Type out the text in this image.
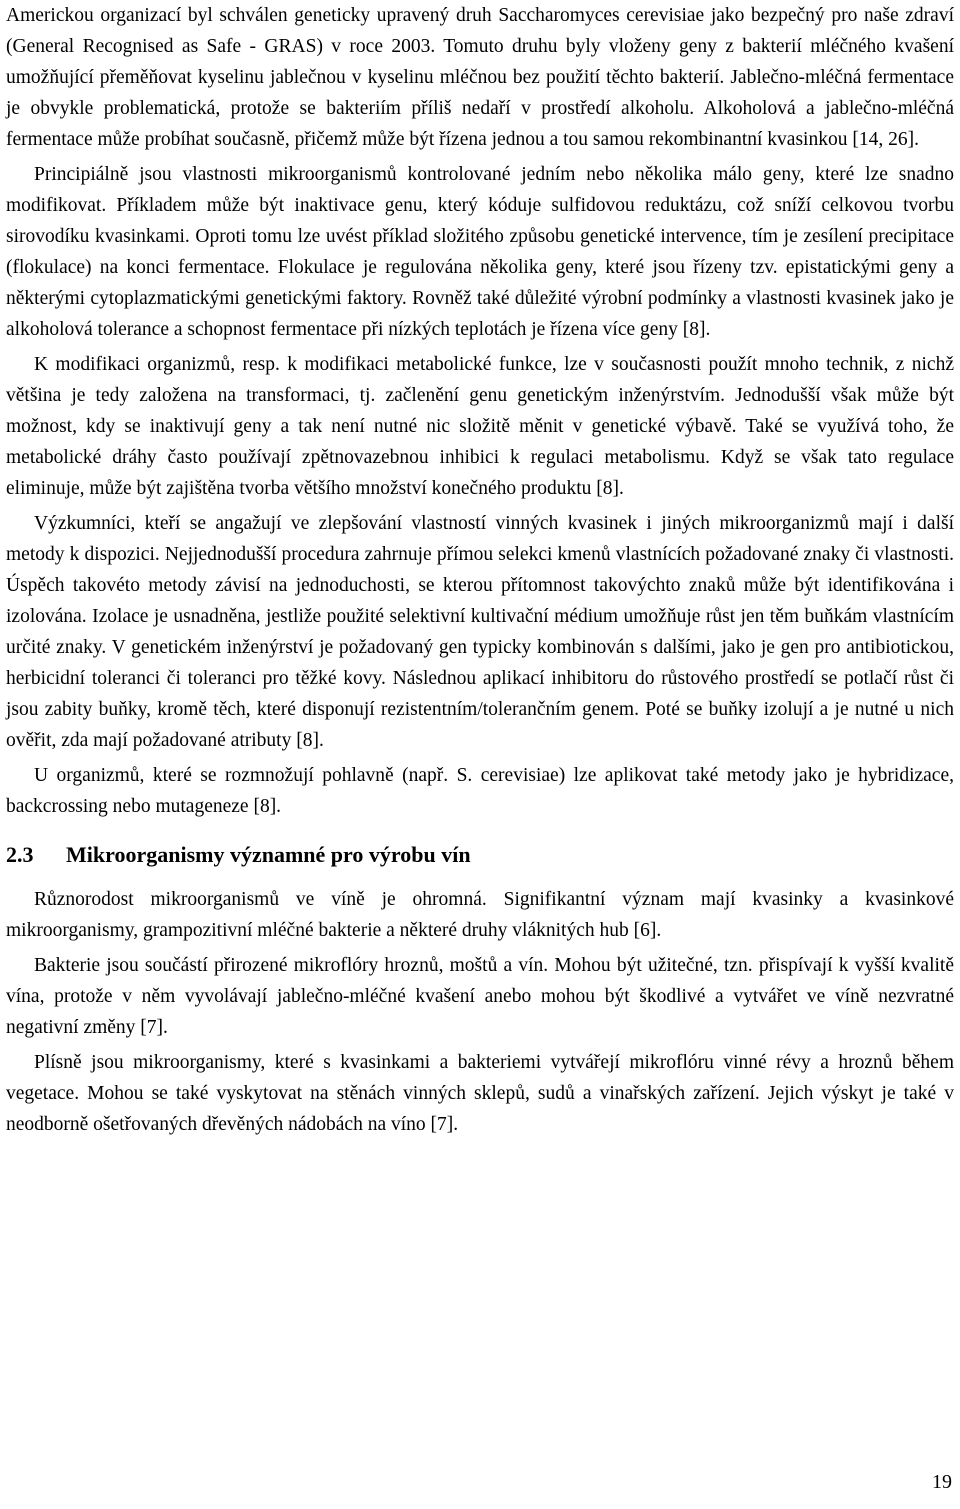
Americkou organizací byl schválen geneticky upravený druh Saccharomyces cerevisiae jako bezpečný pro naše zdraví (General Recognised as Safe - GRAS) v roce 2003. Tomuto druhu byly vloženy geny z bakterií mléčného kvašení umožňující přeměňovat kyselinu jablečnou v kyselinu mléčnou bez použití těchto bakterií. Jablečno-mléčná fermentace je obvykle problematická, protože se bakteriím příliš nedaří v prostředí alkoholu. Alkoholová a jablečno-mléčná fermentace může probíhat současně, přičemž může být řízena jednou a tou samou rekombinantní kvasinkou [14, 26].

Principiálně jsou vlastnosti mikroorganismů kontrolované jedním nebo několika málo geny, které lze snadno modifikovat. Příkladem může být inaktivace genu, který kóduje sulfidovou reduktázu, což sníží celkovou tvorbu sirovodíku kvasinkami. Oproti tomu lze uvést příklad složitého způsobu genetické intervence, tím je zesílení precipitace (flokulace) na konci fermentace. Flokulace je regulována několika geny, které jsou řízeny tzv. epistatickými geny a některými cytoplazmatickými genetickými faktory. Rovněž také důležité výrobní podmínky a vlastnosti kvasinek jako je alkoholová tolerance a schopnost fermentace při nízkých teplotách je řízena více geny [8].

K modifikaci organizmů, resp. k modifikaci metabolické funkce, lze v současnosti použít mnoho technik, z nichž většina je tedy založena na transformaci, tj. začlenění genu genetickým inženýrstvím. Jednodušší však může být možnost, kdy se inaktivují geny a tak není nutné nic složitě měnit v genetické výbavě. Také se využívá toho, že metabolické dráhy často používají zpětnovazebnou inhibici k regulaci metabolismu. Když se však tato regulace eliminuje, může být zajištěna tvorba většího množství konečného produktu [8].

Výzkumníci, kteří se angažují ve zlepšování vlastností vinných kvasinek i jiných mikroorganizmů mají i další metody k dispozici. Nejjednodušší procedura zahrnuje přímou selekci kmenů vlastnících požadované znaky či vlastnosti. Úspěch takovéto metody závisí na jednoduchosti, se kterou přítomnost takovýchto znaků může být identifikována i izolována. Izolace je usnadněna, jestliže použité selektivní kultivační médium umožňuje růst jen těm buňkám vlastnícím určité znaky. V genetickém inženýrství je požadovaný gen typicky kombinován s dalšími, jako je gen pro antibiotickou, herbicidní toleranci či toleranci pro těžké kovy. Následnou aplikací inhibitoru do růstového prostředí se potlačí růst či jsou zabity buňky, kromě těch, které disponují rezistentním/tolerančním genem. Poté se buňky izolují a je nutné u nich ověřit, zda mají požadované atributy [8].

U organizmů, které se rozmnožují pohlavně (např. S. cerevisiae) lze aplikovat také metody jako je hybridizace, backcrossing nebo mutageneze [8].

2.3 Mikroorganismy významné pro výrobu vín

Různorodost mikroorganismů ve víně je ohromná. Signifikantní význam mají kvasinky a kvasinkové mikroorganismy, grampozitivní mléčné bakterie a některé druhy vláknitých hub [6].

Bakterie jsou součástí přirozené mikroflóry hroznů, moštů a vín. Mohou být užitečné, tzn. přispívají k vyšší kvalitě vína, protože v něm vyvolávají jablečno-mléčné kvašení anebo mohou být škodlivé a vytvářet ve víně nezvratné negativní změny [7].

Plísně jsou mikroorganismy, které s kvasinkami a bakteriemi vytvářejí mikroflóru vinné révy a hroznů během vegetace. Mohou se také vyskytovat na stěnách vinných sklepů, sudů a vinařských zařízení. Jejich výskyt je také v neodborně ošetřovaných dřevěných nádobách na víno [7].

19
